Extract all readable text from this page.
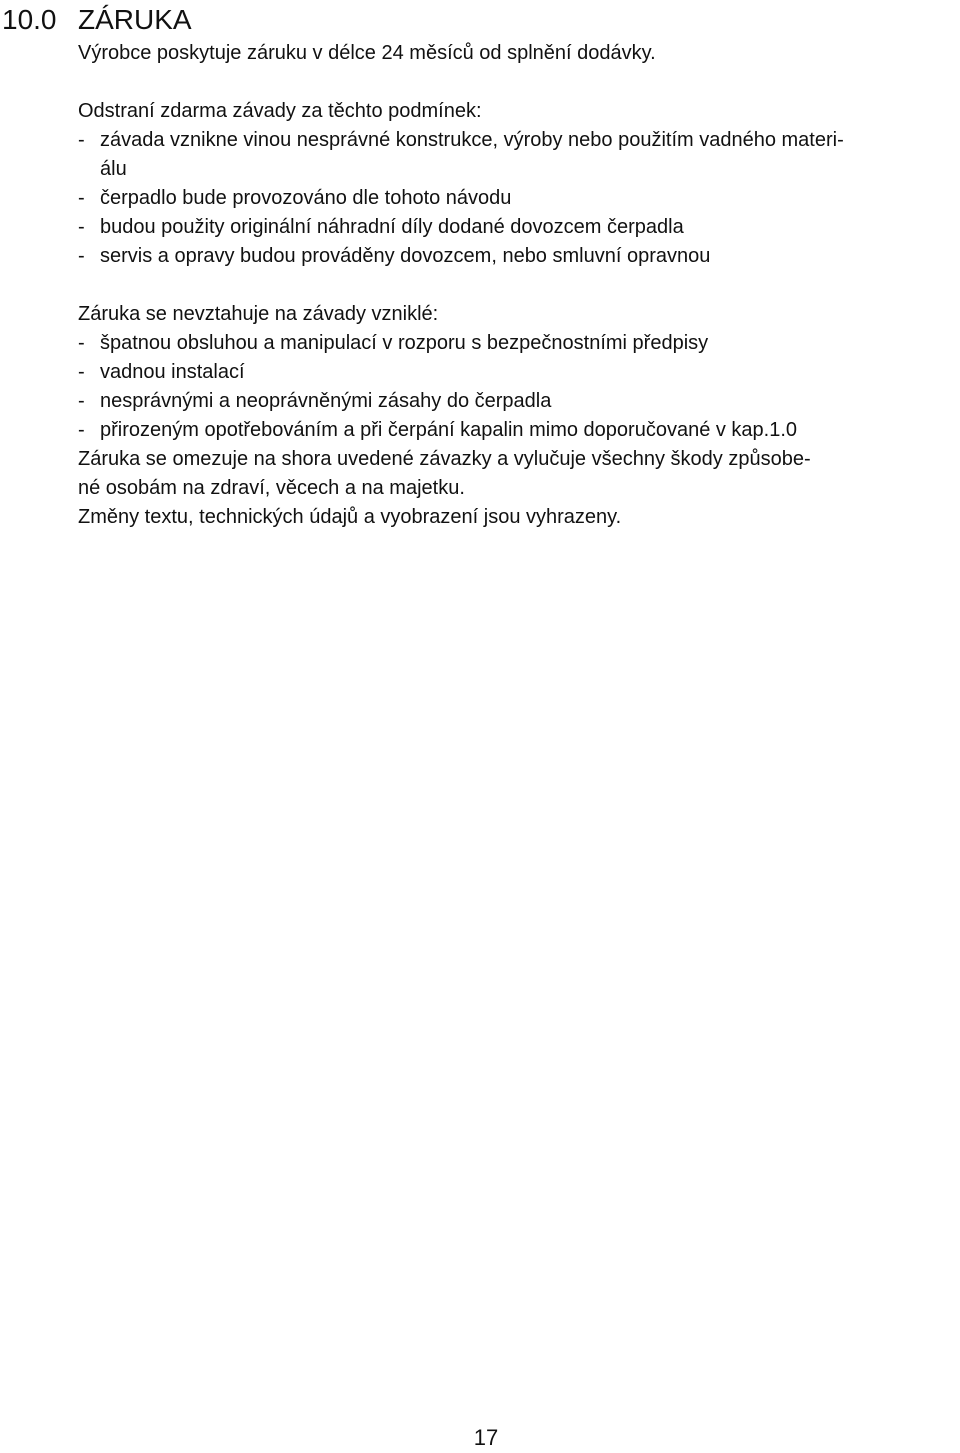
10.0 ZÁRUKA

Výrobce poskytuje záruku v délce 24 měsíců od splnění dodávky.

Odstraní zdarma závady za těchto podmínek:

- závada vznikne vinou nesprávné konstrukce, výroby nebo použitím vadného materi-
álu

- čerpadlo bude provozováno dle tohoto návodu

- budou použity originální náhradní díly dodané dovozcem čerpadla

- servis a opravy budou prováděny dovozcem, nebo smluvní opravnou

Záruka se nevztahuje na závady vzniklé:

- špatnou obsluhou a manipulací v rozporu s bezpečnostními předpisy

- vadnou instalací

- nesprávnými a neoprávněnými zásahy do čerpadla

- přirozeným opotřebováním a při čerpání kapalin mimo doporučované v kap.1.0

Záruka se omezuje na shora uvedené závazky a vylučuje všechny škody způsobe-

né osobám na zdraví, věcech a na majetku.

Změny textu, technických údajů a vyobrazení jsou vyhrazeny.

17
